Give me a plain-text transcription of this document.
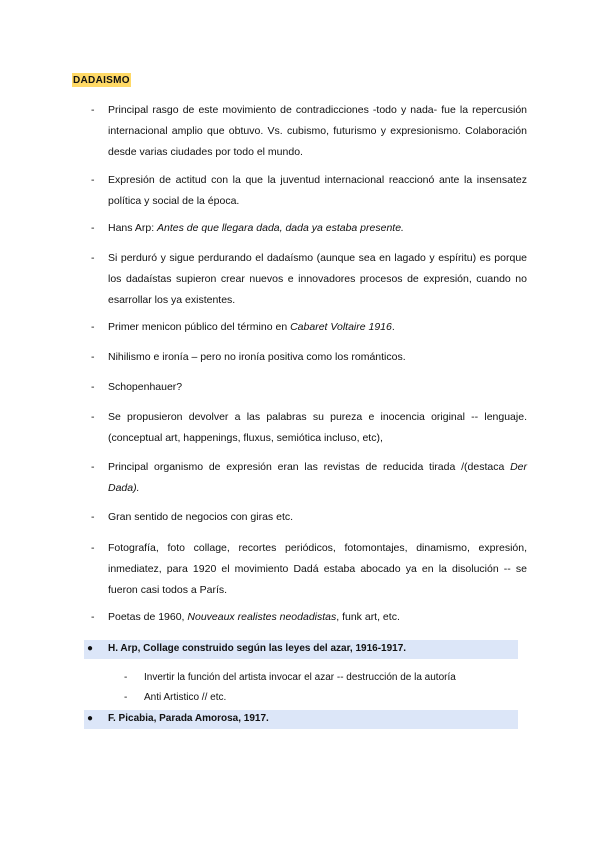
DADAISMO
- Principal rasgo de este movimiento de contradicciones -todo y nada- fue la repercusión internacional amplio que obtuvo. Vs. cubismo, futurismo y expresionismo. Colaboración desde varias ciudades por todo el mundo.
- Expresión de actitud con la que la juventud internacional reaccionó ante la insensatez política y social de la época.
- Hans Arp: Antes de que llegara dada, dada ya estaba presente.
- Si perduró y sigue perdurando el dadaísmo (aunque sea en lagado y espíritu) es porque los dadaístas supieron crear nuevos e innovadores procesos de expresión, cuando no esarrollar los ya existentes.
- Primer menicon público del término en Cabaret Voltaire 1916.
- Nihilismo e ironía – pero no ironía positiva como los románticos.
- Schopenhauer?
- Se propusieron devolver a las palabras su pureza e inocencia original -- lenguaje. (conceptual art, happenings, fluxus, semiótica incluso, etc),
- Principal organismo de expresión eran las revistas de reducida tirada /(destaca Der Dada).
- Gran sentido de negocios con giras etc.
- Fotografía, foto collage, recortes periódicos, fotomontajes, dinamismo, expresión, inmediatez, para 1920 el movimiento Dadá estaba abocado ya en la disolución -- se fueron casi todos a París.
- Poetas de 1960, Nouveaux realistes neodadistas, funk art, etc.
● H. Arp, Collage construido según las leyes del azar, 1916-1917.
- Invertir la función del artista invocar el azar -- destrucción de la autoría
- Anti Artistico // etc.
● F. Picabia, Parada Amorosa, 1917.
